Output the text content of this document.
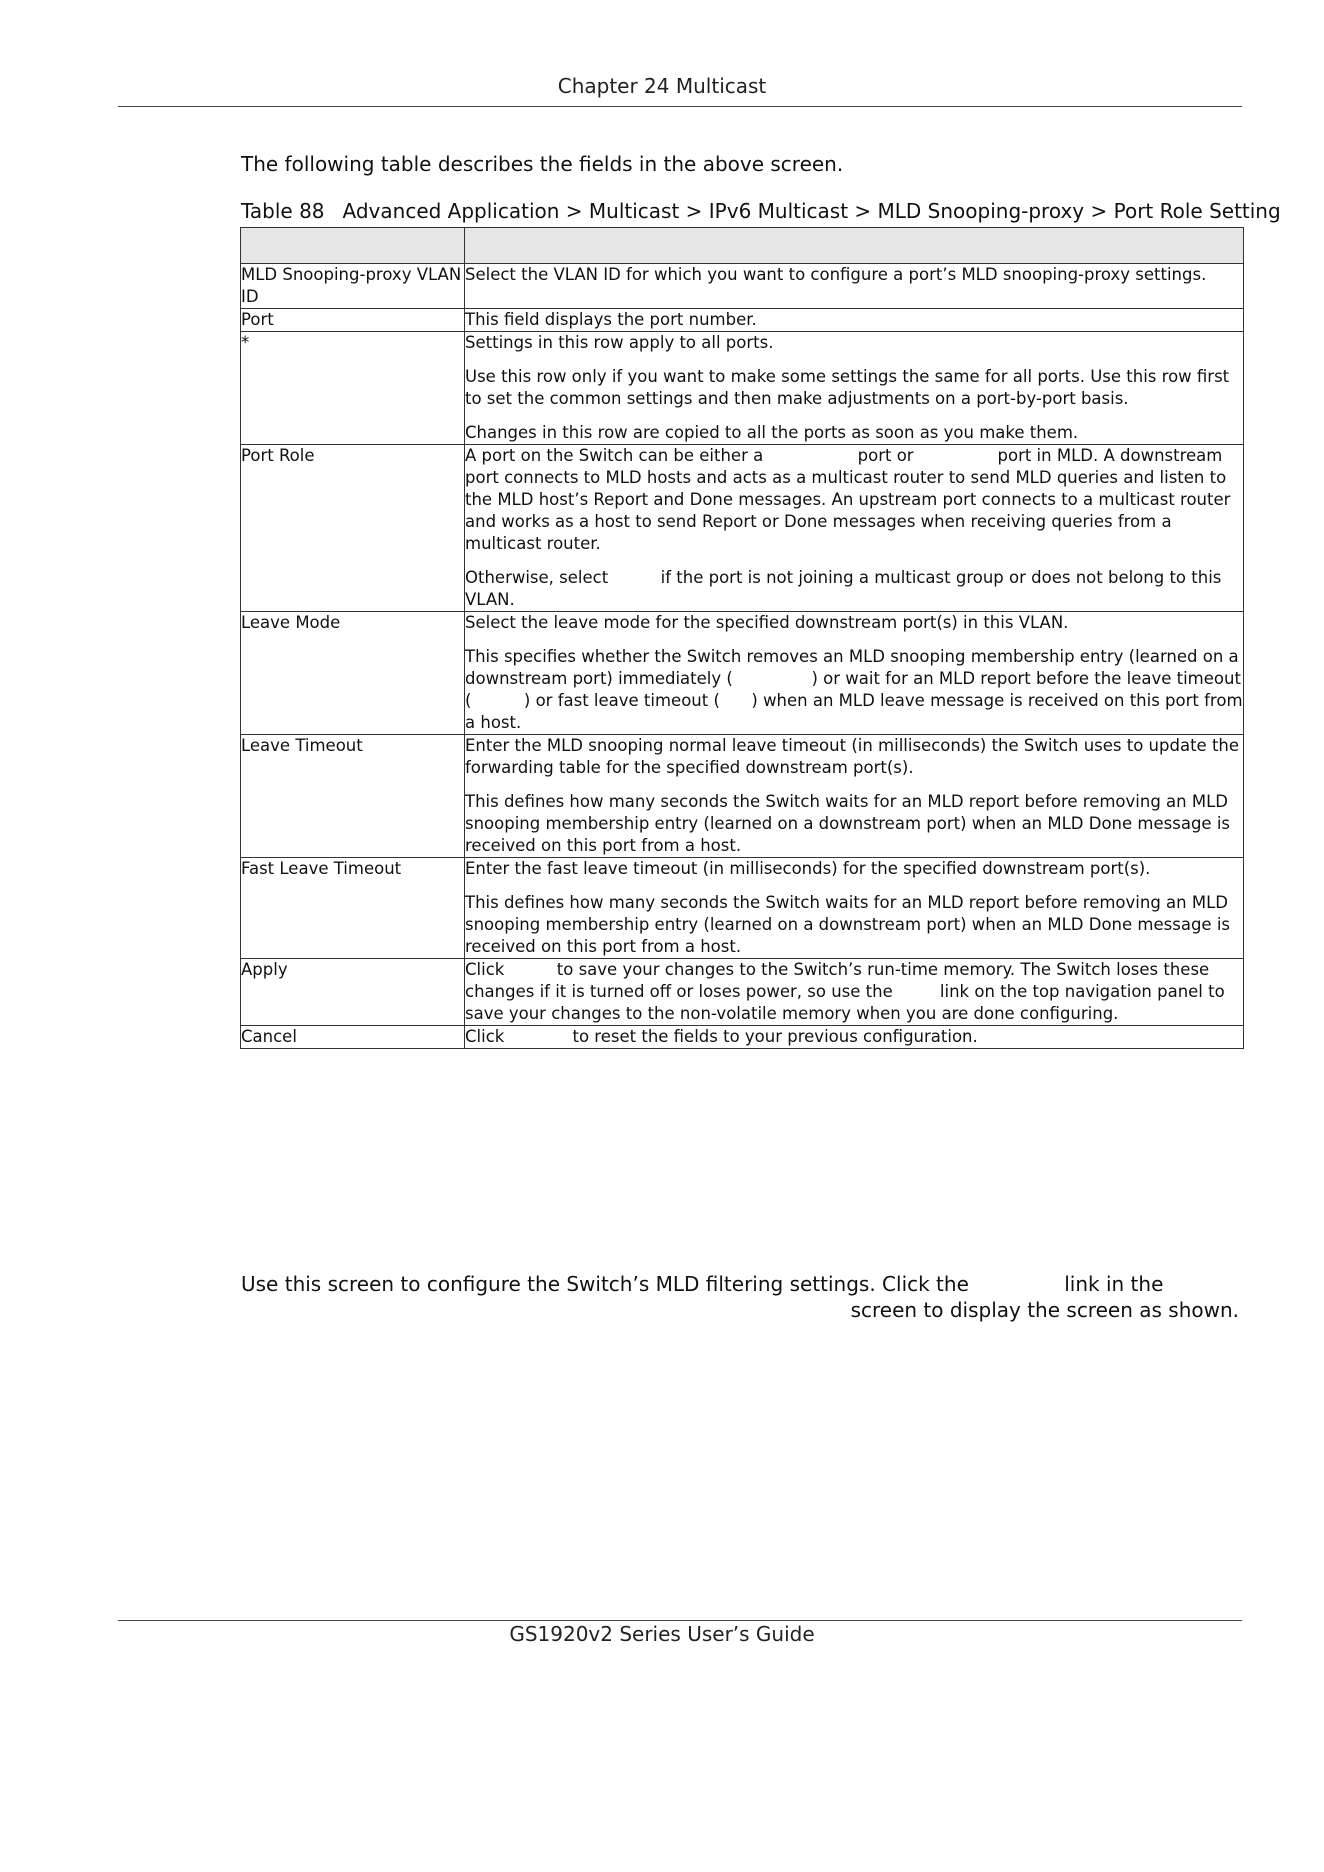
Chapter 24 Multicast
The following table describes the fields in the above screen.
Table 88 Advanced Application > Multicast > IPv6 Multicast > MLD Snooping-proxy > Port Role Setting

MLD Snooping-proxy VLAN ID	Select the VLAN ID for which you want to configure a port’s MLD snooping-proxy settings.

Port	This field displays the port number.

*	Settings in this row apply to all ports.

Use this row only if you want to make some settings the same for all ports. Use this row first to set the common settings and then make adjustments on a port-by-port basis.

Changes in this row are copied to all the ports as soon as you make them.

Port Role	A port on the Switch can be either a                  port or                port in MLD. A downstream port connects to MLD hosts and acts as a multicast router to send MLD queries and listen to the MLD host’s Report and Done messages. An upstream port connects to a multicast router and works as a host to send Report or Done messages when receiving queries from a multicast router.

Otherwise, select          if the port is not joining a multicast group or does not belong to this VLAN.

Leave Mode	Select the leave mode for the specified downstream port(s) in this VLAN.

This specifies whether the Switch removes an MLD snooping membership entry (learned on a downstream port) immediately (               ) or wait for an MLD report before the leave timeout (          ) or fast leave timeout (      ) when an MLD leave message is received on this port from a host.

Leave Timeout	Enter the MLD snooping normal leave timeout (in milliseconds) the Switch uses to update the forwarding table for the specified downstream port(s).

This defines how many seconds the Switch waits for an MLD report before removing an MLD snooping membership entry (learned on a downstream port) when an MLD Done message is received on this port from a host.

Fast Leave Timeout	Enter the fast leave timeout (in milliseconds) for the specified downstream port(s).

This defines how many seconds the Switch waits for an MLD report before removing an MLD snooping membership entry (learned on a downstream port) when an MLD Done message is received on this port from a host.

Apply	Click          to save your changes to the Switch’s run-time memory. The Switch loses these changes if it is turned off or loses power, so use the         link on the top navigation panel to save your changes to the non-volatile memory when you are done configuring.

Cancel	Click             to reset the fields to your previous configuration.

Use this screen to configure the Switch’s MLD filtering settings. Click the               link in the
screen to display the screen as shown.
GS1920v2 Series User’s Guide
